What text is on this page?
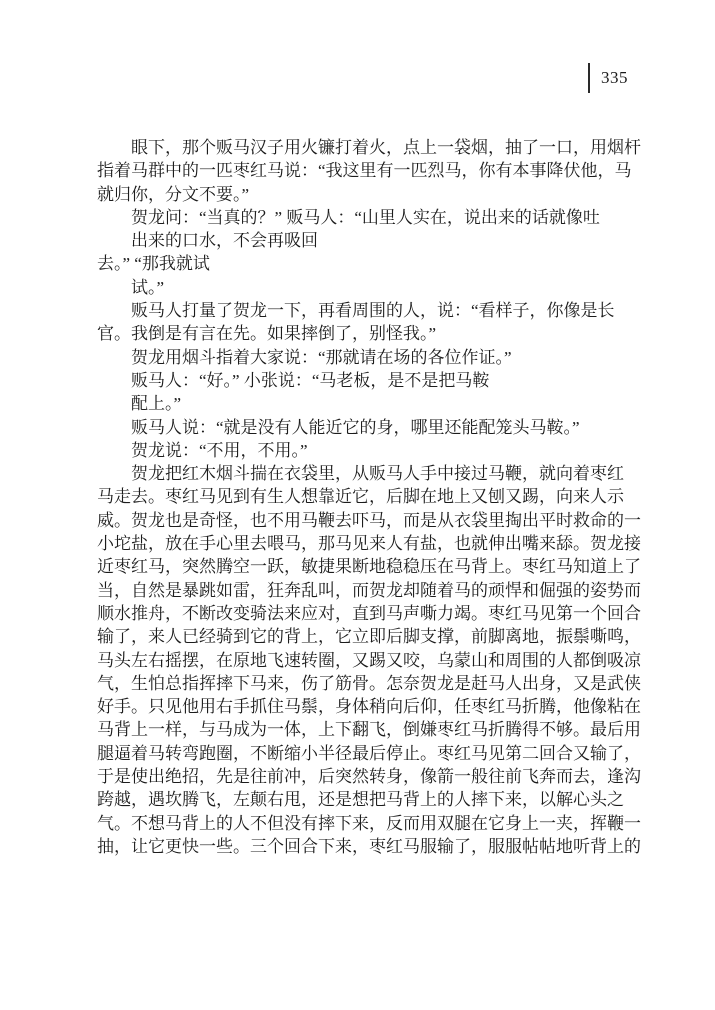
335
眼下，那个贩马汉子用火镰打着火，点上一袋烟，抽了一口，用烟杆
指着马群中的一匹枣红马说：“我这里有一匹烈马，你有本事降伏他，马
就归你，分文不要。”
贺龙问：“当真的？” 贩马人：“山里人实在，说出来的话就像吐
出来的口水，不会再吸回
去。” “那我就试
试。”
贩马人打量了贺龙一下，再看周围的人，说：“看样子，你像是长
官。我倒是有言在先。如果摔倒了，别怪我。”
贺龙用烟斗指着大家说：“那就请在场的各位作证。”
贩马人：“好。” 小张说：“马老板，是不是把马鞍
配上。”
贩马人说：“就是没有人能近它的身，哪里还能配笼头马鞍。”
贺龙说：“不用，不用。”
贺龙把红木烟斗揣在衣袋里，从贩马人手中接过马鞭，就向着枣红
马走去。枣红马见到有生人想靠近它，后脚在地上又刨又踢，向来人示
威。贺龙也是奇怪，也不用马鞭去吓马，而是从衣袋里掏出平时救命的一
小坨盐，放在手心里去喂马，那马见来人有盐，也就伸出嘴来舔。贺龙接
近枣红马，突然腾空一跃，敏捷果断地稳稳压在马背上。枣红马知道上了
当，自然是暴跳如雷，狂奔乱叫，而贺龙却随着马的顽悍和倔强的姿势而
顺水推舟，不断改变骑法来应对，直到马声嘶力竭。枣红马见第一个回合
输了，来人已经骑到它的背上，它立即后脚支撑，前脚离地，振鬃嘶鸣，
马头左右摇摆，在原地飞速转圈，又踢又咬，乌蒙山和周围的人都倒吸凉
气，生怕总指挥摔下马来，伤了筋骨。怎奈贺龙是赶马人出身，又是武侠
好手。只见他用右手抓住马鬃，身体稍向后仰，任枣红马折腾，他像粘在
马背上一样，与马成为一体，上下翻飞，倒嫌枣红马折腾得不够。最后用
腿逼着马转弯跑圈，不断缩小半径最后停止。枣红马见第二回合又输了，
于是使出绝招，先是往前冲，后突然转身，像箭一般往前飞奔而去，逢沟
跨越，遇坎腾飞，左颠右甩，还是想把马背上的人摔下来，以解心头之
气。不想马背上的人不但没有摔下来，反而用双腿在它身上一夹，挥鞭一
抽，让它更快一些。三个回合下来，枣红马服输了，服服帖帖地听背上的
